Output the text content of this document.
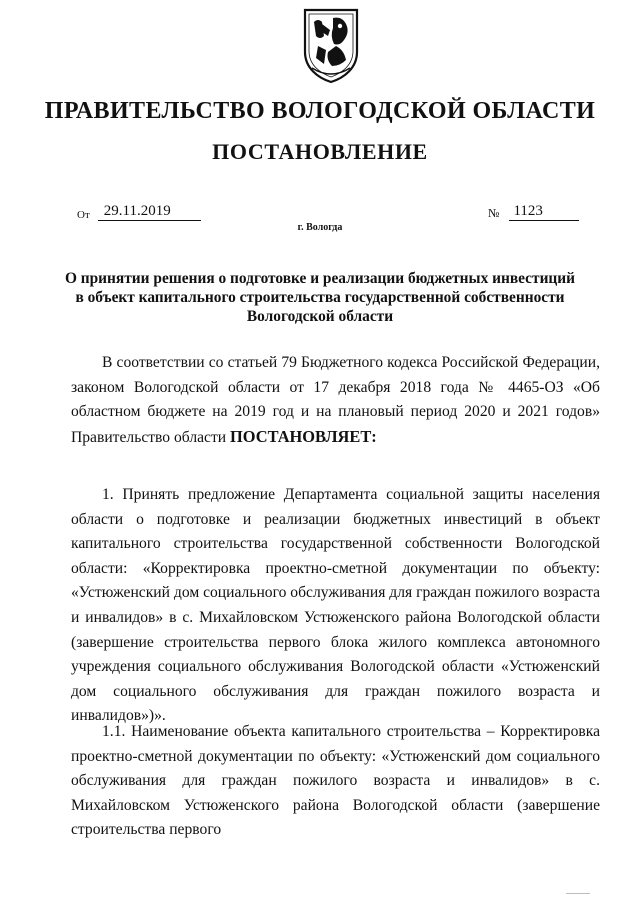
ПРАВИТЕЛЬСТВО ВОЛОГОДСКОЙ ОБЛАСТИ
ПОСТАНОВЛЕНИЕ
От 29.11.2019	№ 1123
г. Вологда
О принятии решения о подготовке и реализации бюджетных инвестиций
в объект капитального строительства государственной собственности
Вологодской области
В соответствии со статьей 79 Бюджетного кодекса Российской Федерации, законом Вологодской области от 17 декабря 2018 года № 4465-ОЗ «Об областном бюджете на 2019 год и на плановый период 2020 и 2021 годов» Правительство области ПОСТАНОВЛЯЕТ:
1. Принять предложение Департамента социальной защиты населения области о подготовке и реализации бюджетных инвестиций в объект капитального строительства государственной собственности Вологодской области: «Корректировка проектно-сметной документации по объекту: «Устюженский дом социального обслуживания для граждан пожилого возраста и инвалидов» в с. Михайловском Устюженского района Вологодской области (завершение строительства первого блока жилого комплекса автономного учреждения социального обслуживания Вологодской области «Устюженский дом социального обслуживания для граждан пожилого возраста и инвалидов»)».
1.1. Наименование объекта капитального строительства – Корректировка проектно-сметной документации по объекту: «Устюженский дом социального обслуживания для граждан пожилого возраста и инвалидов» в с. Михайловском Устюженского района Вологодской области (завершение строительства первого
